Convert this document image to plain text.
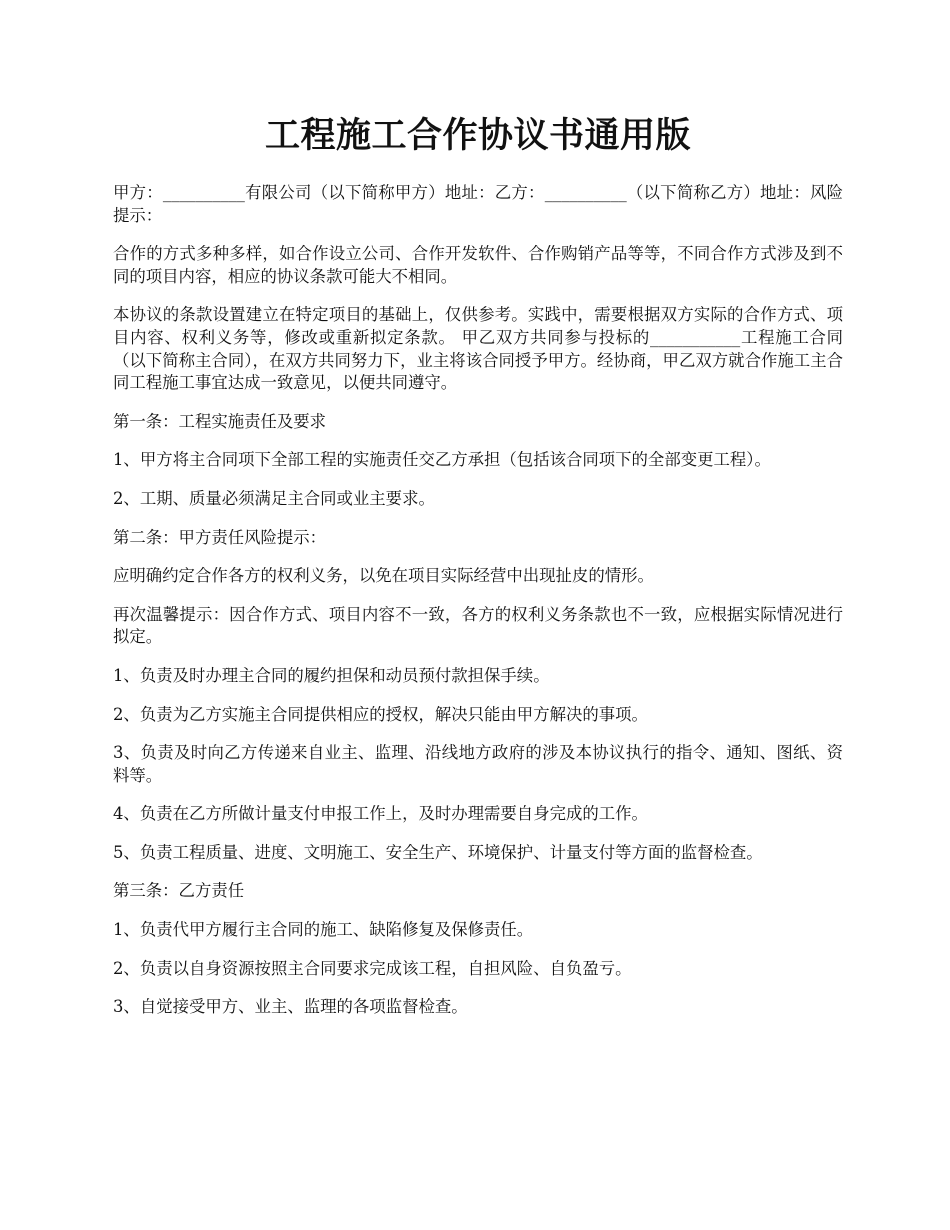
工程施工合作协议书通用版

甲方：__________有限公司（以下简称甲方）地址：乙方：__________（以下简称乙方）地址：风险提示：

合作的方式多种多样，如合作设立公司、合作开发软件、合作购销产品等等，不同合作方式涉及到不同的项目内容，相应的协议条款可能大不相同。

本协议的条款设置建立在特定项目的基础上，仅供参考。实践中，需要根据双方实际的合作方式、项目内容、权利义务等，修改或重新拟定条款。 甲乙双方共同参与投标的___________工程施工合同（以下简称主合同），在双方共同努力下，业主将该合同授予甲方。经协商，甲乙双方就合作施工主合同工程施工事宜达成一致意见，以便共同遵守。

第一条：工程实施责任及要求

1、甲方将主合同项下全部工程的实施责任交乙方承担（包括该合同项下的全部变更工程）。

2、工期、质量必须满足主合同或业主要求。

第二条：甲方责任风险提示：

应明确约定合作各方的权利义务，以免在项目实际经营中出现扯皮的情形。

再次温馨提示：因合作方式、项目内容不一致，各方的权利义务条款也不一致，应根据实际情况进行拟定。

1、负责及时办理主合同的履约担保和动员预付款担保手续。

2、负责为乙方实施主合同提供相应的授权，解决只能由甲方解决的事项。

3、负责及时向乙方传递来自业主、监理、沿线地方政府的涉及本协议执行的指令、通知、图纸、资料等。

4、负责在乙方所做计量支付申报工作上，及时办理需要自身完成的工作。

5、负责工程质量、进度、文明施工、安全生产、环境保护、计量支付等方面的监督检查。

第三条：乙方责任

1、负责代甲方履行主合同的施工、缺陷修复及保修责任。

2、负责以自身资源按照主合同要求完成该工程，自担风险、自负盈亏。

3、自觉接受甲方、业主、监理的各项监督检查。
